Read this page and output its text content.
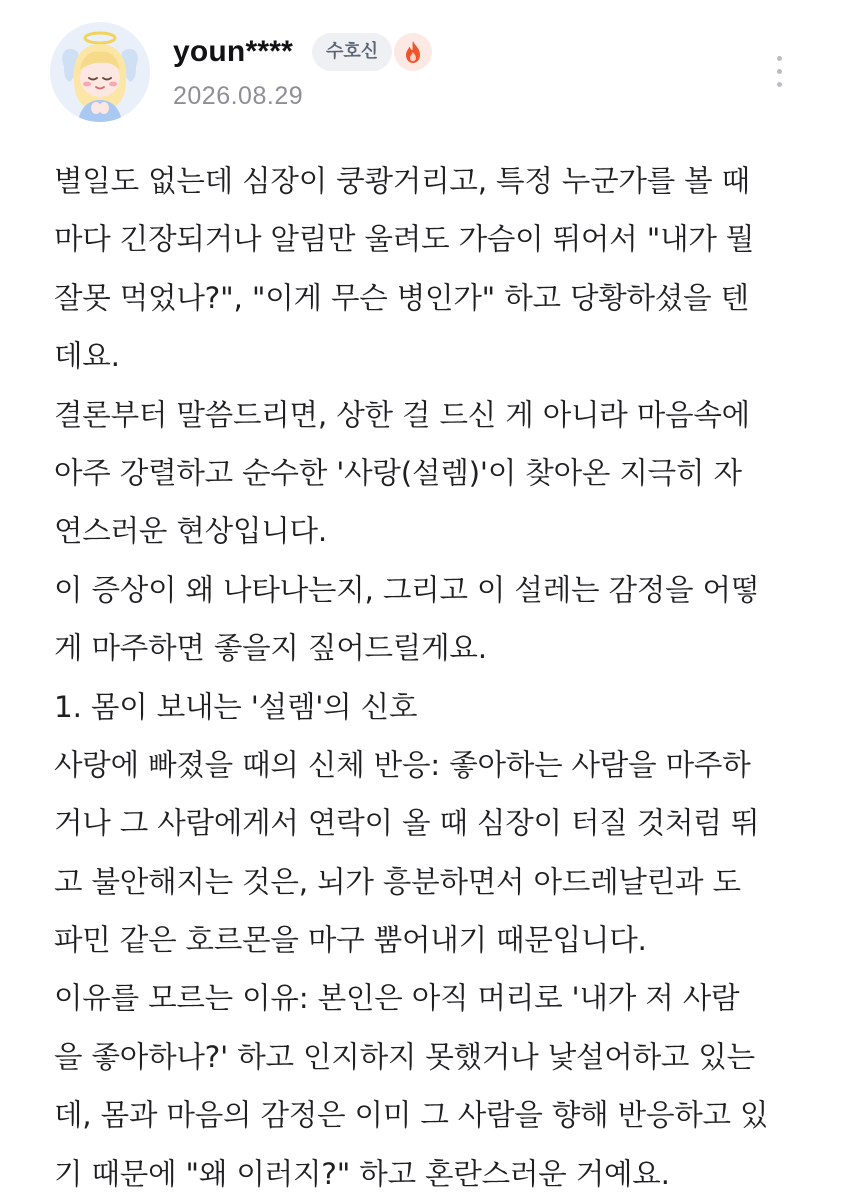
youn****	수호신
2026.08.29
별일도 없는데 심장이 쿵쾅거리고, 특정 누군가를 볼 때
마다 긴장되거나 알림만 울려도 가슴이 뛰어서 "내가 뭘
잘못 먹었나?", "이게 무슨 병인가" 하고 당황하셨을 텐
데요.
결론부터 말씀드리면, 상한 걸 드신 게 아니라 마음속에
아주 강렬하고 순수한 '사랑(설렘)'이 찾아온 지극히 자
연스러운 현상입니다.
이 증상이 왜 나타나는지, 그리고 이 설레는 감정을 어떻
게 마주하면 좋을지 짚어드릴게요.
1. 몸이 보내는 '설렘'의 신호
사랑에 빠졌을 때의 신체 반응: 좋아하는 사람을 마주하
거나 그 사람에게서 연락이 올 때 심장이 터질 것처럼 뛰
고 불안해지는 것은, 뇌가 흥분하면서 아드레날린과 도
파민 같은 호르몬을 마구 뿜어내기 때문입니다.
이유를 모르는 이유: 본인은 아직 머리로 '내가 저 사람
을 좋아하나?' 하고 인지하지 못했거나 낯설어하고 있는
데, 몸과 마음의 감정은 이미 그 사람을 향해 반응하고 있
기 때문에 "왜 이러지?" 하고 혼란스러운 거예요.
